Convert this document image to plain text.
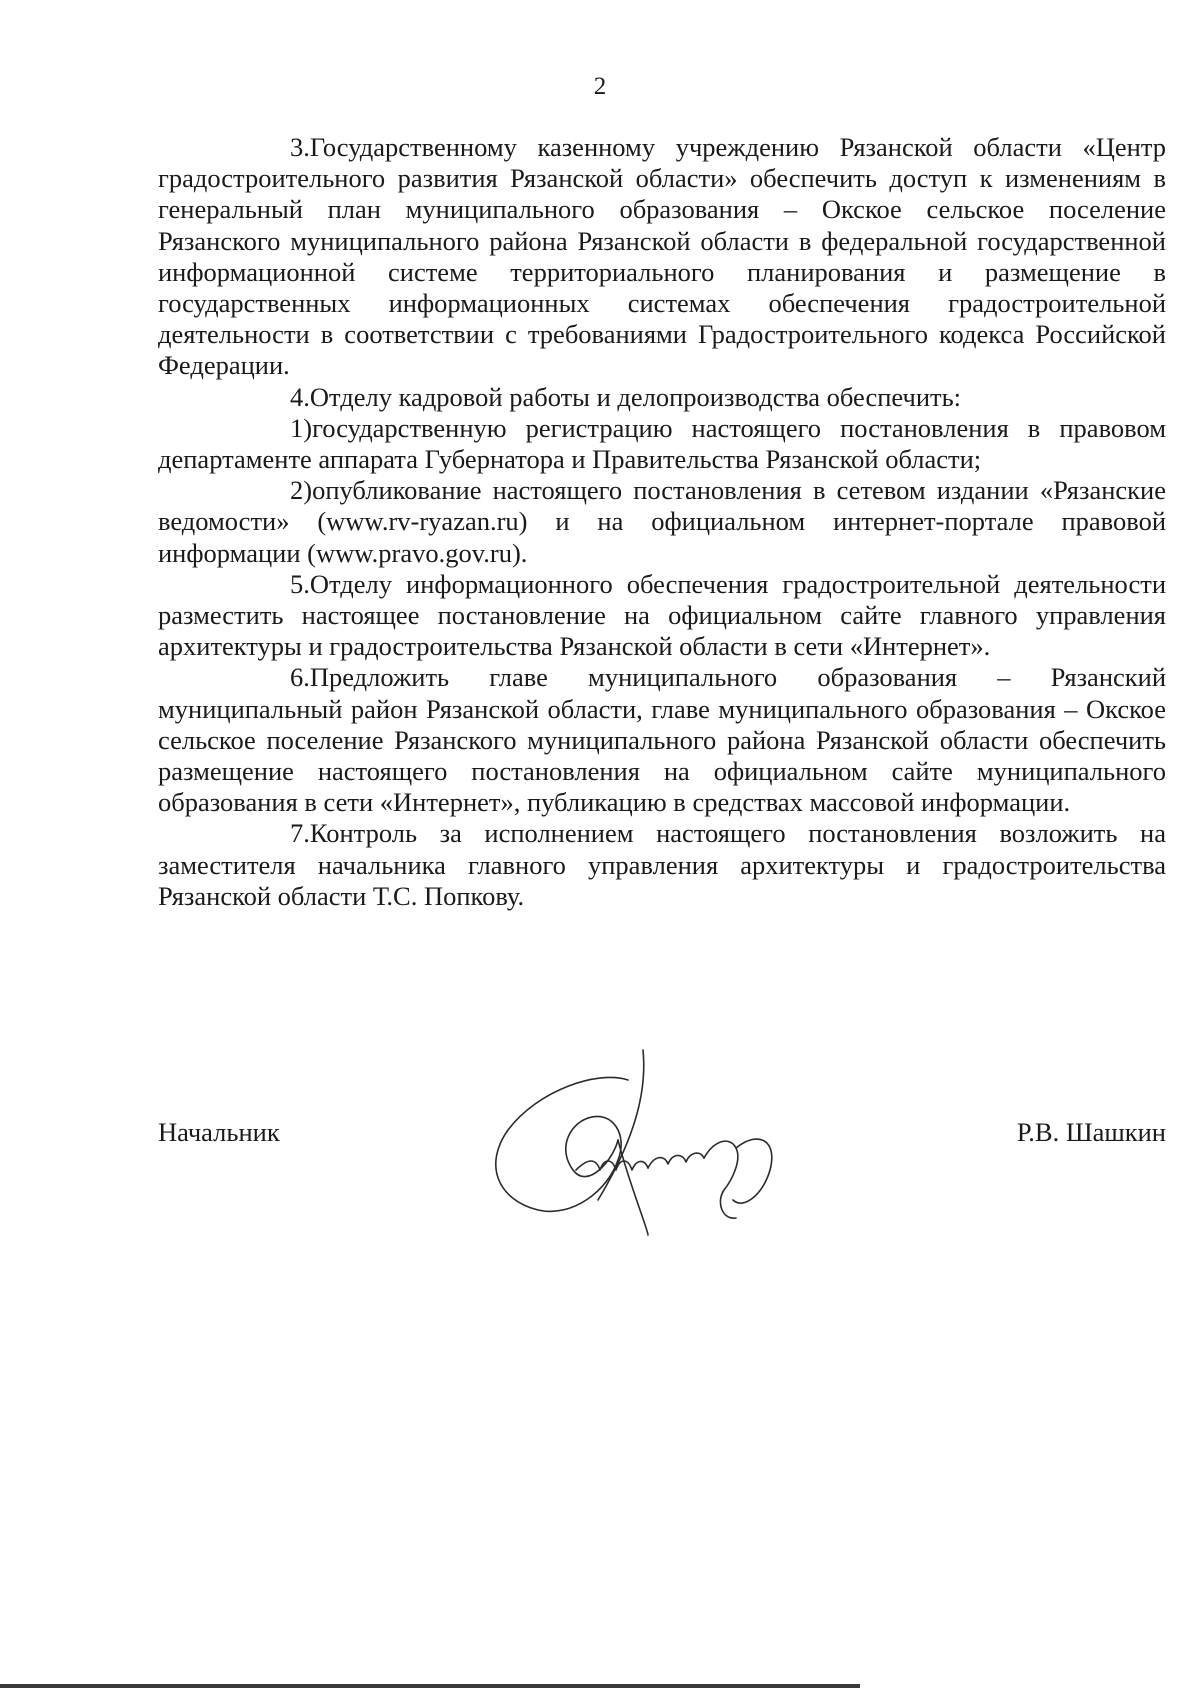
2

3.Государственному казенному учреждению Рязанской области «Центр градостроительного развития Рязанской области» обеспечить доступ к изменениям в генеральный план муниципального образования – Окское сельское поселение Рязанского муниципального района Рязанской области в федеральной государственной информационной системе территориального планирования и размещение в государственных информационных системах обеспечения градостроительной деятельности в соответствии с требованиями Градостроительного кодекса Российской Федерации.

4.Отделу кадровой работы и делопроизводства обеспечить:

1)государственную регистрацию настоящего постановления в правовом департаменте аппарата Губернатора и Правительства Рязанской области;

2)опубликование настоящего постановления в сетевом издании «Рязанские ведомости» (www.rv-ryazan.ru) и на официальном интернет-портале правовой информации (www.pravo.gov.ru).

5.Отделу информационного обеспечения градостроительной деятельности разместить настоящее постановление на официальном сайте главного управления архитектуры и градостроительства Рязанской области в сети «Интернет».

6.Предложить главе муниципального образования – Рязанский муниципальный район Рязанской области, главе муниципального образования – Окское сельское поселение Рязанского муниципального района Рязанской области обеспечить размещение настоящего постановления на официальном сайте муниципального образования в сети «Интернет», публикацию в средствах массовой информации.

7.Контроль за исполнением настоящего постановления возложить на заместителя начальника главного управления архитектуры и градостроительства Рязанской области Т.С. Попкову.

Начальник	Р.В. Шашкин
